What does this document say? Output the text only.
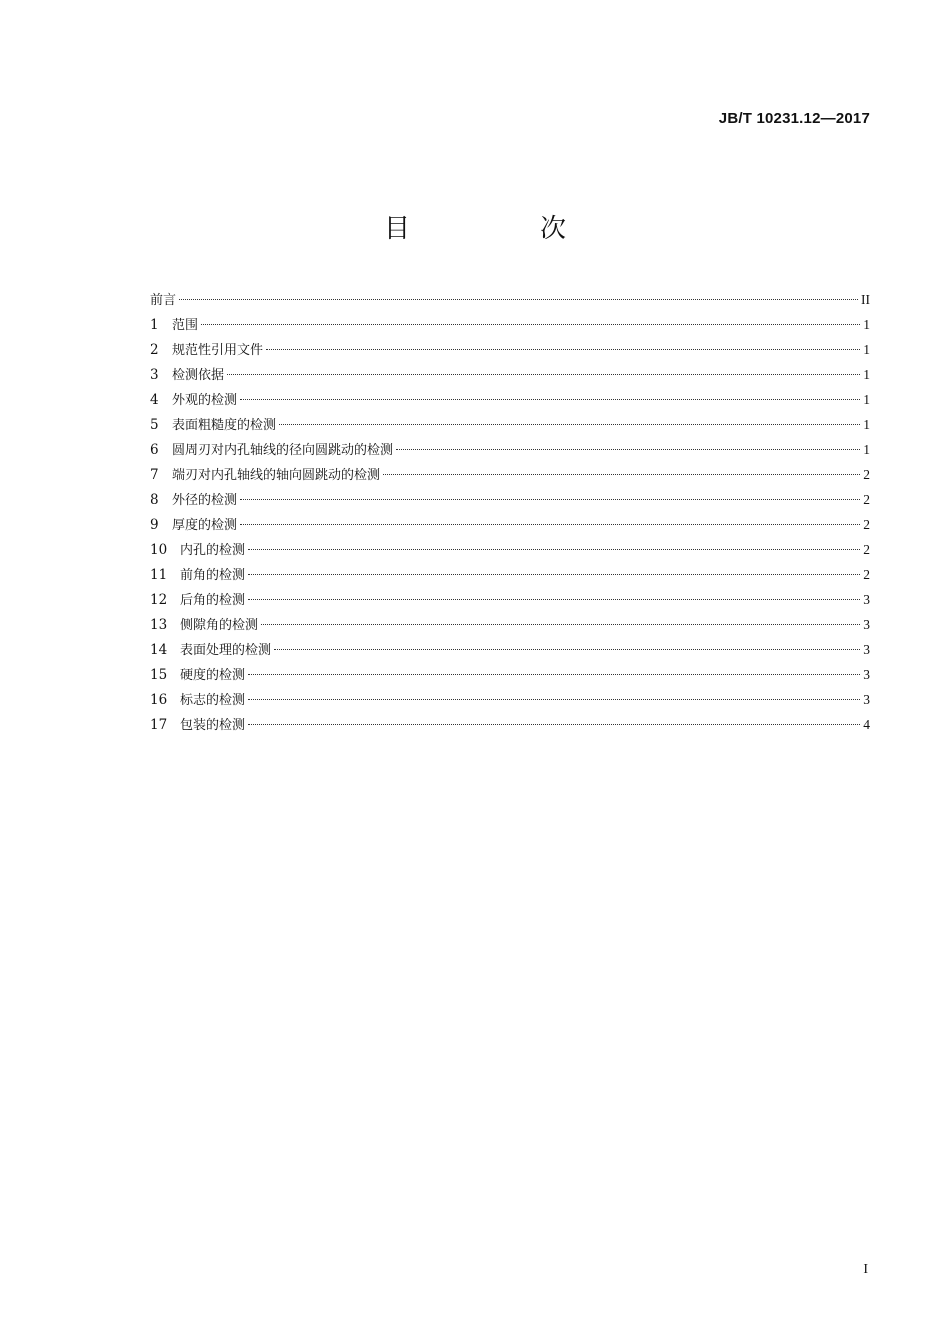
JB/T 10231.12—2017
目　次
前言	II
1	范围	1
2	规范性引用文件	1
3	检测依据	1
4	外观的检测	1
5	表面粗糙度的检测	1
6	圆周刃对内孔轴线的径向圆跳动的检测	1
7	端刃对内孔轴线的轴向圆跳动的检测	2
8	外径的检测	2
9	厚度的检测	2
10 内孔的检测	2
11 前角的检测	2
12 后角的检测	3
13 侧隙角的检测	3
14 表面处理的检测	3
15 硬度的检测	3
16 标志的检测	3
17 包装的检测	4
I
